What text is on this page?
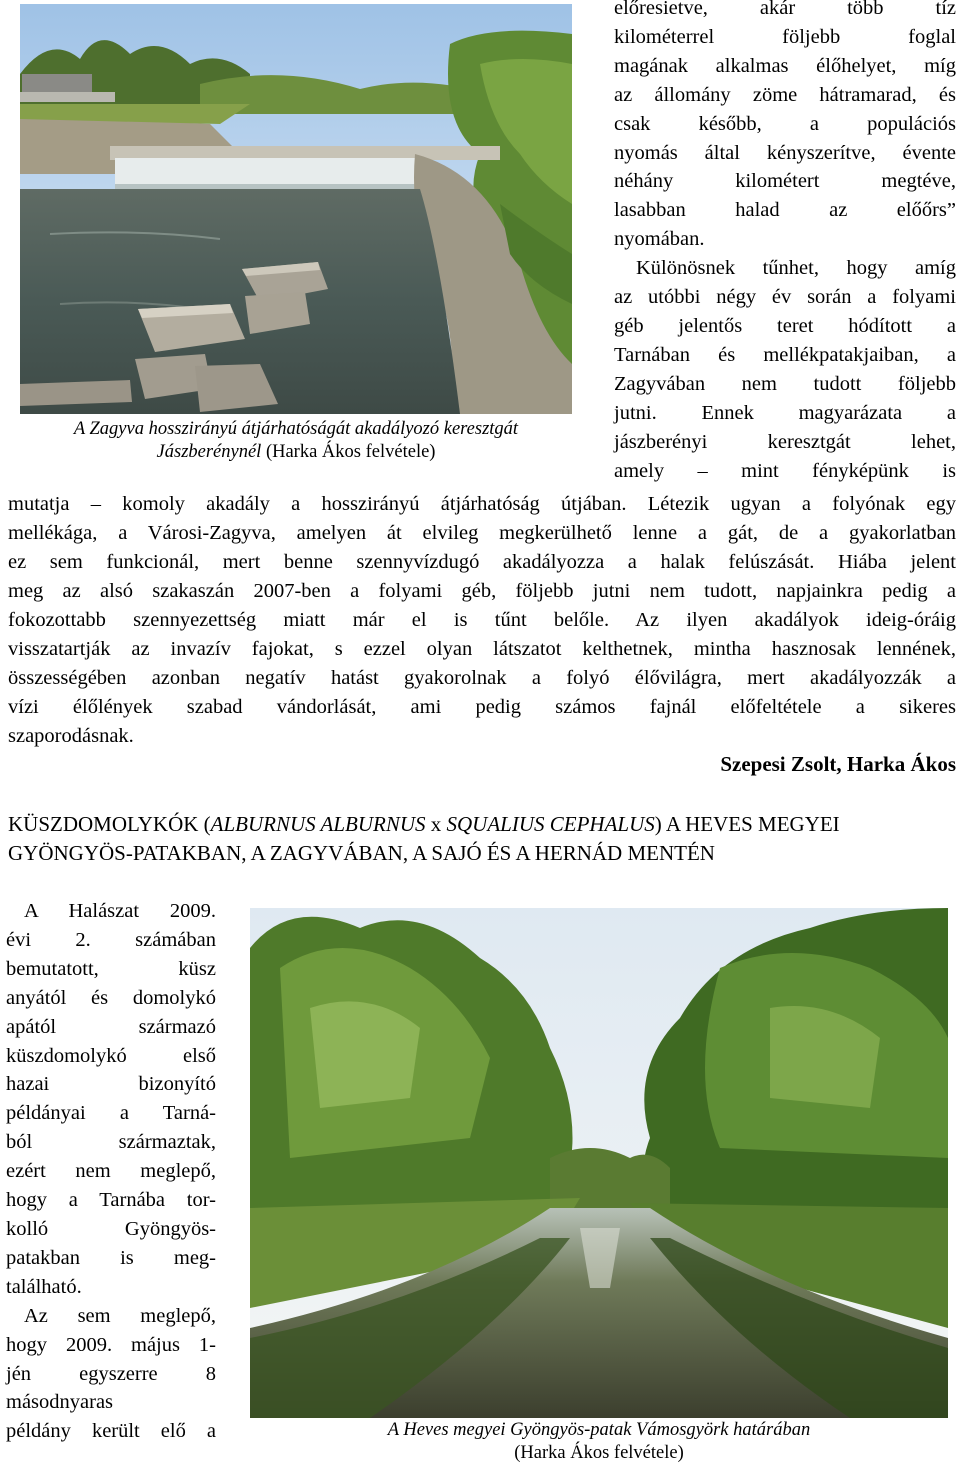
A Zagyva hosszirányú átjárhatóságát akadályozó keresztgát Jászberénynél (Harka Ákos felvétele)
előresietve, akár több tíz
kilométerrel följebb foglal
magának alkalmas élőhelyet, míg
az állomány zöme hátramarad, és
csak később, a populációs
nyomás által kényszerítve, évente
néhány kilométert megtéve,
lasabban halad az előőrs”
nyomában.
Különösnek tűnhet, hogy amíg
az utóbbi négy év során a folyami
géb jelentős teret hódított a
Tarnában és mellékpatakjaiban, a
Zagyvában nem tudott följebb
jutni. Ennek magyarázata a
jászberényi keresztgát lehet,
amely – mint fényképünk is
mutatja – komoly akadály a hosszirányú átjárhatóság útjában. Létezik ugyan a folyónak egy
mellékága, a Városi-Zagyva, amelyen át elvileg megkerülhető lenne a gát, de a gyakorlatban
ez sem funkcionál, mert benne szennyvízdugó akadályozza a halak felúszását. Hiába jelent
meg az alsó szakaszán 2007-ben a folyami géb, följebb jutni nem tudott, napjainkra pedig a
fokozottabb szennyezettség miatt már el is tűnt belőle. Az ilyen akadályok ideig-óráig
visszatartják az invazív fajokat, s ezzel olyan látszatot kelthetnek, mintha hasznosak lennének,
összességében azonban negatív hatást gyakorolnak a folyó élővilágra, mert akadályozzák a
vízi élőlények szabad vándorlását, ami pedig számos fajnál előfeltétele a sikeres
szaporodásnak.
Szepesi Zsolt, Harka Ákos
KÜSZDOMOLYKÓK (ALBURNUS ALBURNUS x SQUALIUS CEPHALUS) A HEVES MEGYEI GYÖNGYÖS-PATAKBAN, A ZAGYVÁBAN, A SAJÓ ÉS A HERNÁD MENTÉN
A Halászat 2009.
évi 2. számában
bemutatott, küsz
anyától és domolykó
apától származó
küszdomolykó első
hazai bizonyító
példányai a Tarná-
ból származtak,
ezért nem meglepő,
hogy a Tarnába tor-
kolló Gyöngyös-
patakban is meg-
található.
Az sem meglepő,
hogy 2009. május 1-
jén egyszerre 8
másodnyaras
példány került elő a	A Heves megyei Gyöngyös-patak Vámosgyörk határában
(Harka Ákos felvétele)
